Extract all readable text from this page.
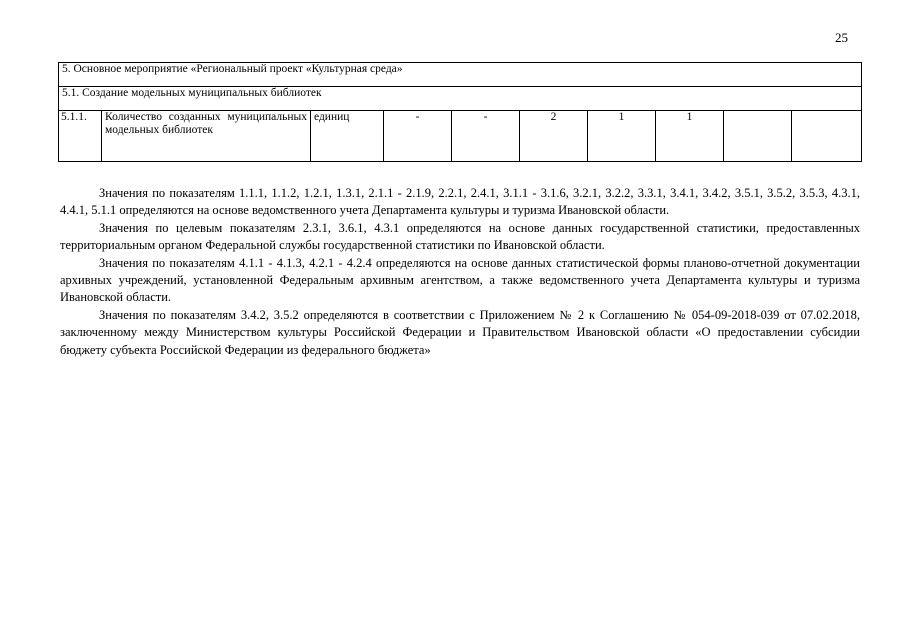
25
5. Основное мероприятие «Региональный проект «Культурная среда»
5.1. Создание модельных муниципальных библиотек
5.1.1.	Количество созданных муниципальных модельных библиотек	единиц	-	-	2	1	1		

Значения по показателям 1.1.1, 1.1.2, 1.2.1, 1.3.1, 2.1.1 - 2.1.9, 2.2.1, 2.4.1, 3.1.1 - 3.1.6, 3.2.1, 3.2.2, 3.3.1, 3.4.1, 3.4.2, 3.5.1, 3.5.2, 3.5.3, 4.3.1, 4.4.1, 5.1.1 определяются на основе ведомственного учета Департамента культуры и туризма Ивановской области.

Значения по целевым показателям 2.3.1, 3.6.1, 4.3.1 определяются на основе данных государственной статистики, предоставленных территориальным органом Федеральной службы государственной статистики по Ивановской области.

Значения по показателям 4.1.1 - 4.1.3, 4.2.1 - 4.2.4 определяются на основе данных статистической формы планово-отчетной документации архивных учреждений, установленной Федеральным архивным агентством, а также ведомственного учета Департамента культуры и туризма Ивановской области.

Значения по показателям 3.4.2, 3.5.2 определяются в соответствии с Приложением № 2 к Соглашению № 054-09-2018-039 от 07.02.2018, заключенному между Министерством культуры Российской Федерации и Правительством Ивановской области «О предоставлении субсидии бюджету субъекта Российской Федерации из федерального бюджета»
